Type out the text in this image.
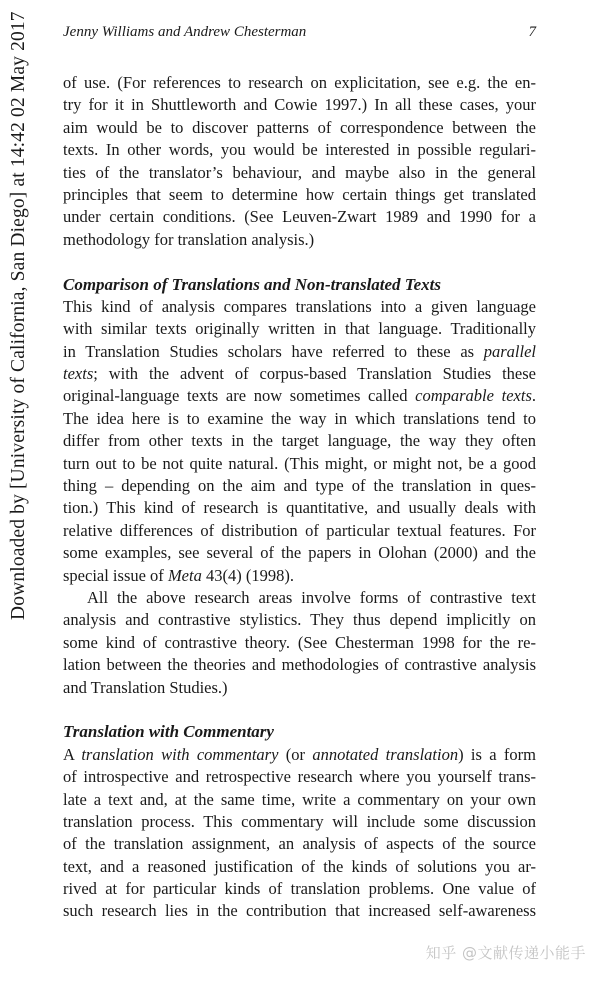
Jenny Williams and Andrew Chesterman	7
Downloaded by [University of California, San Diego] at 14:42 02 May 2017	of use. (For references to research on explicitation, see e.g. the en-
try for it in Shuttleworth and Cowie 1997.) In all these cases, your
aim would be to discover patterns of correspondence between the
texts. In other words, you would be interested in possible regulari-
ties of the translator’s behaviour, and maybe also in the general
principles that seem to determine how certain things get translated
under certain conditions. (See Leuven-Zwart 1989 and 1990 for a
methodology for translation analysis.)
Comparison of Translations and Non-translated Texts
This kind of analysis compares translations into a given language
with similar texts originally written in that language. Traditionally
in Translation Studies scholars have referred to these as parallel
texts; with the advent of corpus-based Translation Studies these
original-language texts are now sometimes called comparable texts.
The idea here is to examine the way in which translations tend to
differ from other texts in the target language, the way they often
turn out to be not quite natural. (This might, or might not, be a good
thing – depending on the aim and type of the translation in ques-
tion.) This kind of research is quantitative, and usually deals with
relative differences of distribution of particular textual features. For
some examples, see several of the papers in Olohan (2000) and the
special issue of Meta 43(4) (1998).
All the above research areas involve forms of contrastive text
analysis and contrastive stylistics. They thus depend implicitly on
some kind of contrastive theory. (See Chesterman 1998 for the re-
lation between the theories and methodologies of contrastive analysis
and Translation Studies.)
Translation with Commentary
A translation with commentary (or annotated translation) is a form
of introspective and retrospective research where you yourself trans-
late a text and, at the same time, write a commentary on your own
translation process. This commentary will include some discussion
of the translation assignment, an analysis of aspects of the source
text, and a reasoned justification of the kinds of solutions you ar-
rived at for particular kinds of translation problems. One value of
such research lies in the contribution that increased self-awareness
知乎 @文献传递小能手
